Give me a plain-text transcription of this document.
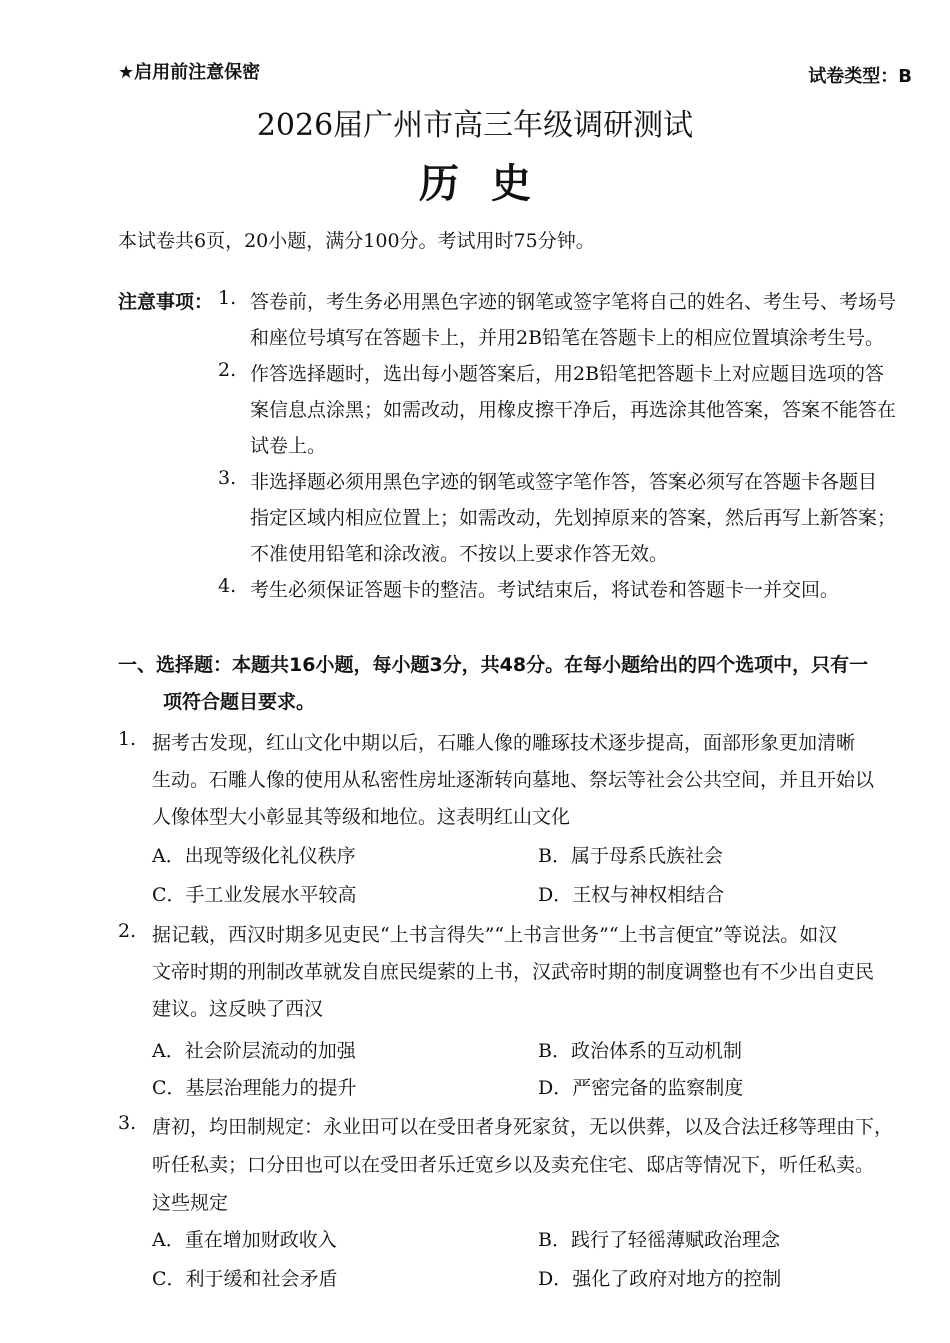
★启用前注意保密	试卷类型：B
2026届广州市高三年级调研测试
历史
本试卷共6页，20小题，满分100分。考试用时75分钟。
注意事项： 1. 答卷前，考生务必用黑色字迹的钢笔或签字笔将自己的姓名、考生号、考场号
和座位号填写在答题卡上，并用2B铅笔在答题卡上的相应位置填涂考生号。
2. 作答选择题时，选出每小题答案后，用2B铅笔把答题卡上对应题目选项的答
案信息点涂黑；如需改动，用橡皮擦干净后，再选涂其他答案，答案不能答在
试卷上。
3. 非选择题必须用黑色字迹的钢笔或签字笔作答，答案必须写在答题卡各题目
指定区域内相应位置上；如需改动，先划掉原来的答案，然后再写上新答案；
不准使用铅笔和涂改液。不按以上要求作答无效。
4. 考生必须保证答题卡的整洁。考试结束后，将试卷和答题卡一并交回。
一、选择题：本题共16小题，每小题3分，共48分。在每小题给出的四个选项中，只有一
项符合题目要求。
1. 据考古发现，红山文化中期以后，石雕人像的雕琢技术逐步提高，面部形象更加清晰
生动。石雕人像的使用从私密性房址逐渐转向墓地、祭坛等社会公共空间，并且开始以
人像体型大小彰显其等级和地位。这表明红山文化
A．出现等级化礼仪秩序	B．属于母系氏族社会
C．手工业发展水平较高	D．王权与神权相结合
2. 据记载，西汉时期多见吏民“上书言得失”“上书言世务”“上书言便宜”等说法。如汉
文帝时期的刑制改革就发自庶民缇萦的上书，汉武帝时期的制度调整也有不少出自吏民
建议。这反映了西汉
A．社会阶层流动的加强	B．政治体系的互动机制
C．基层治理能力的提升	D．严密完备的监察制度
3. 唐初，均田制规定：永业田可以在受田者身死家贫，无以供葬，以及合法迁移等理由下，
听任私卖；口分田也可以在受田者乐迁宽乡以及卖充住宅、邸店等情况下，听任私卖。
这些规定
A．重在增加财政收入	B．践行了轻徭薄赋政治理念
C．利于缓和社会矛盾	D．强化了政府对地方的控制
